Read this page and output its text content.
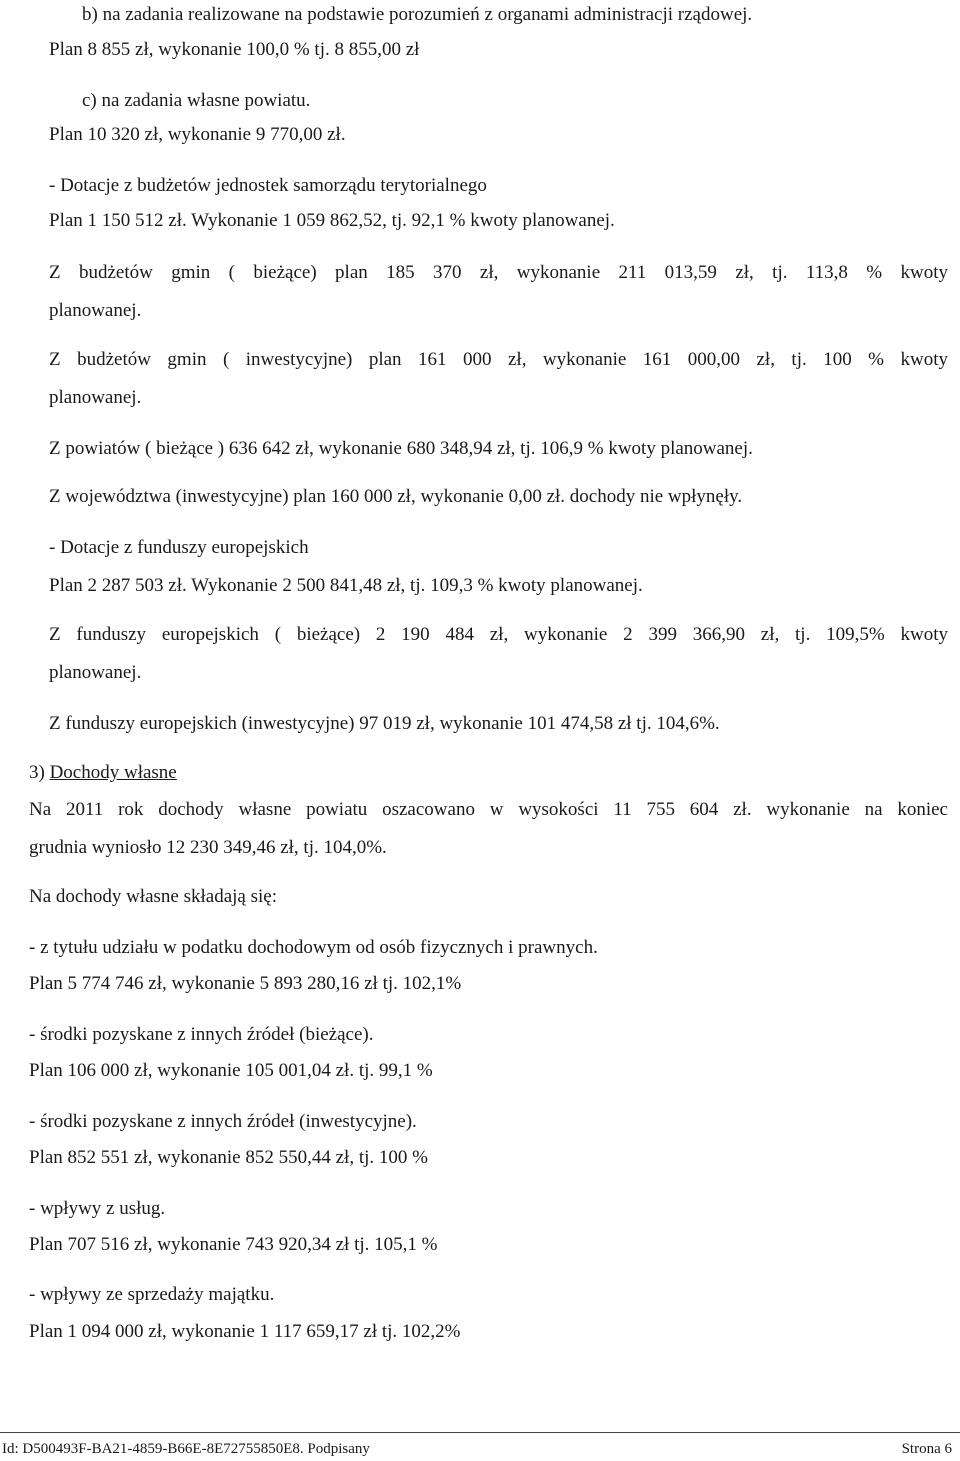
b) na zadania realizowane na podstawie porozumień z organami administracji rządowej.
Plan 8 855 zł, wykonanie 100,0 % tj. 8 855,00 zł
c) na zadania własne powiatu.
Plan 10 320 zł, wykonanie 9 770,00 zł.
- Dotacje z budżetów jednostek samorządu terytorialnego
Plan 1 150 512 zł. Wykonanie 1 059 862,52, tj. 92,1 % kwoty planowanej.
Z budżetów gmin ( bieżące) plan 185 370 zł, wykonanie 211 013,59 zł, tj. 113,8 % kwoty
planowanej.
Z budżetów gmin ( inwestycyjne) plan 161 000 zł, wykonanie 161 000,00 zł, tj. 100 % kwoty
planowanej.
Z powiatów ( bieżące ) 636 642 zł, wykonanie 680 348,94 zł, tj. 106,9 % kwoty planowanej.
Z województwa (inwestycyjne) plan 160 000 zł, wykonanie 0,00 zł. dochody nie wpłynęły.
- Dotacje z funduszy europejskich
Plan 2 287 503 zł. Wykonanie 2 500 841,48 zł, tj. 109,3 % kwoty planowanej.
Z funduszy europejskich ( bieżące) 2 190 484 zł, wykonanie 2 399 366,90 zł, tj. 109,5% kwoty
planowanej.
Z funduszy europejskich (inwestycyjne) 97 019 zł, wykonanie 101 474,58 zł tj. 104,6%.
3) Dochody własne
Na 2011 rok dochody własne powiatu oszacowano w wysokości 11 755 604 zł. wykonanie na koniec
grudnia wyniosło 12 230 349,46 zł, tj. 104,0%.
Na dochody własne składają się:
- z tytułu udziału w podatku dochodowym od osób fizycznych i prawnych.
Plan 5 774 746 zł, wykonanie 5 893 280,16 zł tj. 102,1%
- środki pozyskane z innych źródeł (bieżące).
Plan 106 000 zł, wykonanie 105 001,04 zł. tj. 99,1 %
- środki pozyskane z innych źródeł (inwestycyjne).
Plan 852 551 zł, wykonanie 852 550,44 zł, tj. 100 %
- wpływy z usług.
Plan 707 516 zł, wykonanie 743 920,34 zł tj. 105,1 %
- wpływy ze sprzedaży majątku.
Plan 1 094 000 zł, wykonanie 1 117 659,17 zł tj. 102,2%
Id: D500493F-BA21-4859-B66E-8E72755850E8. Podpisany	Strona 6
